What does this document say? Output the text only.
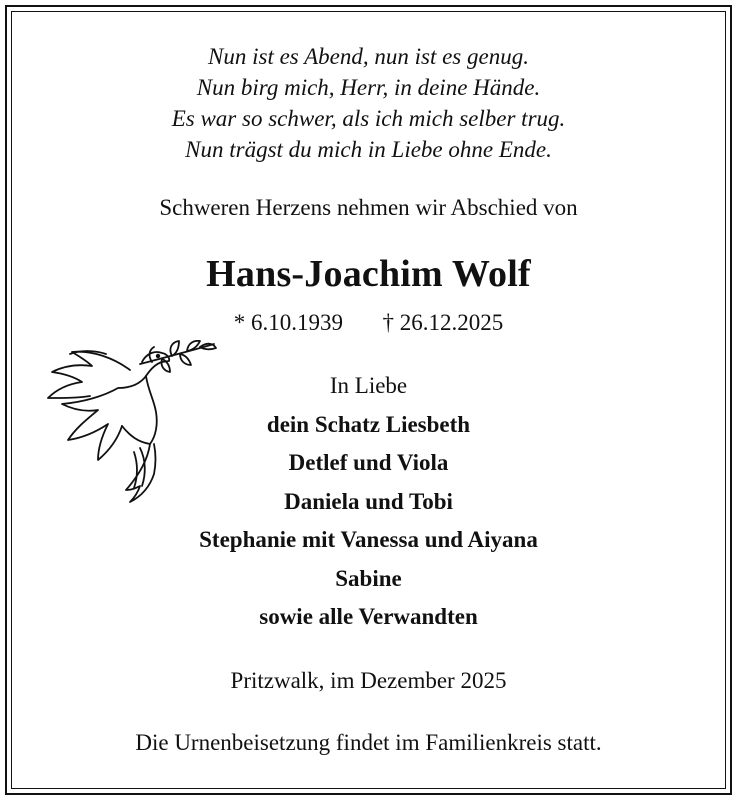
Nun ist es Abend, nun ist es genug.
Nun birg mich, Herr, in deine Hände.
Es war so schwer, als ich mich selber trug.
Nun trägst du mich in Liebe ohne Ende.
Schweren Herzens nehmen wir Abschied von
Hans-Joachim Wolf
* 6.10.1939 † 26.12.2025
In Liebe
dein Schatz Liesbeth
Detlef und Viola
Daniela und Tobi
Stephanie mit Vanessa und Aiyana
Sabine
sowie alle Verwandten
Pritzwalk, im Dezember 2025
Die Urnenbeisetzung findet im Familienkreis statt.
